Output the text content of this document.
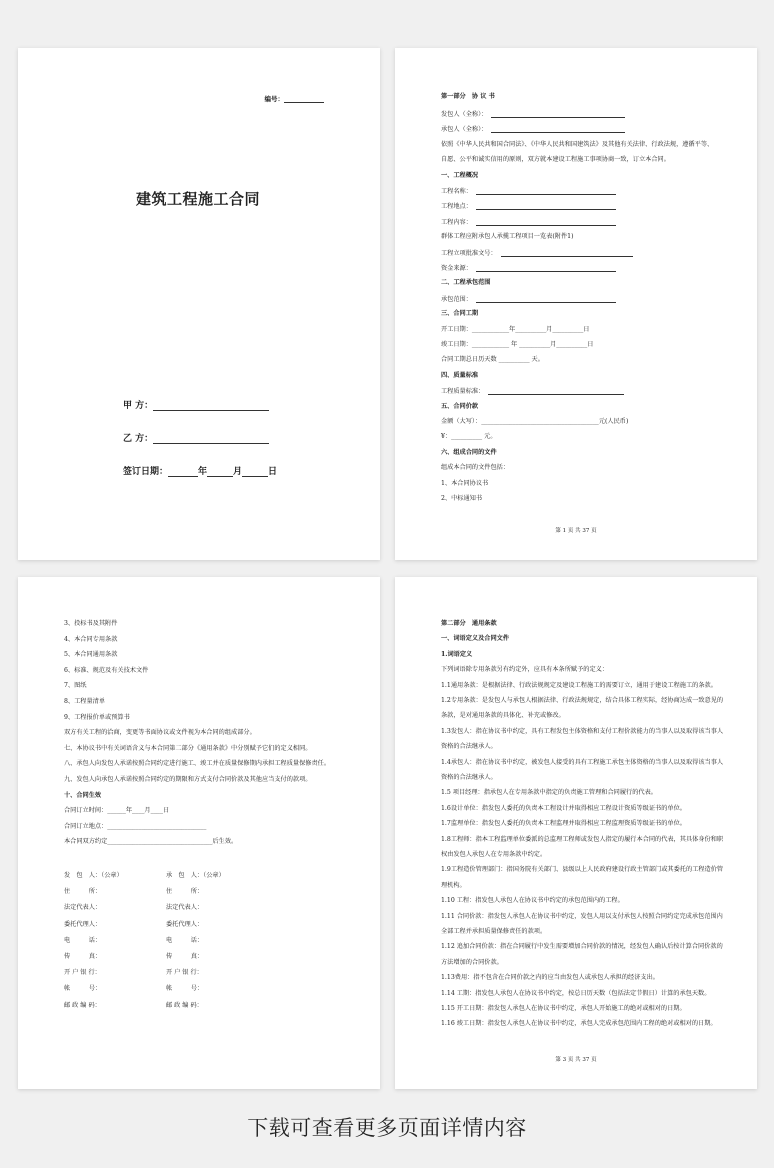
编号：
建筑工程施工合同
甲 方：
乙 方：
签订日期：	年	月	日
第一部分　协 议 书
发包人（全称）：
承包人（全称）：
依照《中华人民共和国合同法》、《中华人民共和国建筑法》及其他有关法律、行政法规，遵循平等、
自愿、公平和诚实信用的原则，双方就本建设工程施工事项协商一致，订立本合同。
一、工程概况
工程名称：
工程地点：
工程内容：
群体工程应附承包人承揽工程项目一览表(附件1)
工程立项批准文号：
资金来源：
二、工程承包范围
承包范围：
三、合同工期
开工日期：____________年__________月__________日
竣工日期：____________ 年 __________月__________日
合同工期总日历天数 __________ 天。
四、质量标准
工程质量标准：
五、合同价款
金额（大写）：______________________________________元(人民币)
¥：__________ 元。
六、组成合同的文件
组成本合同的文件包括：
1、本合同协议书
2、中标通知书
第 1 页 共 37 页
3、投标书及其附件
4、本合同专用条款
5、本合同通用条款
6、标准、规范及有关技术文件
7、图纸
8、工程量清单
9、工程报价单或预算书
双方有关工程的洽商，变更等书面协议或文件视为本合同的组成部分。
七、本协议书中有关词语含义与本合同第二部分《通用条款》中分别赋予它们的定义相同。
八、承包人向发包人承诺按照合同约定进行施工、竣工并在质量保修期内承担工程质量保修责任。
九、发包人向承包人承诺按照合同约定的期限和方式支付合同价款及其他应当支付的款项。
十、合同生效
合同订立时间：______年____月____日
合同订立地点：________________________________
本合同双方约定__________________________________后生效。
发　包　人：（公章）	承　包　人：（公章）
住　　　所：	住　　　所：
法定代表人：	法定代表人：
委托代理人：	委托代理人：
电　　　话：	电　　　话：
传　　　真：	传　　　真：
开 户 银 行：	开 户 银 行：
帐　　　号：	帐　　　号：
邮 政 编 码：	邮 政 编 码：
第二部分　通用条款
一、词语定义及合同文件
1.词语定义
下列词语除专用条款另有约定外，应具有本条所赋予的定义：
1.1通用条款：是根据法律、行政法规规定及建设工程施工的需要订立，通用于建设工程施工的条款。
1.2专用条款：是发包人与承包人根据法律、行政法规规定，结合具体工程实际，经协商达成一致意见的
条款，是对通用条款的具体化、补充或修改。
1.3发包人：指在协议书中约定，具有工程发包主体资格和支付工程价款能力的当事人以及取得该当事人
资格的合法继承人。
1.4承包人：指在协议书中约定，被发包人接受的具有工程施工承包主体资格的当事人以及取得该当事人
资格的合法继承人。
1.5 项目经理：指承包人在专用条款中指定的负责施工管理和合同履行的代表。
1.6设计单位：指发包人委托的负责本工程设计并取得相应工程设计资质等级证书的单位。
1.7监理单位：指发包人委托的负责本工程监理并取得相应工程监理资质等级证书的单位。
1.8工程师：指本工程监理单位委派的总监理工程师或发包人指定的履行本合同的代表，其具体身份和职
权由发包人承包人在专用条款中约定。
1.9工程造价管理部门：指国务院有关部门、县级以上人民政府建设行政主管部门或其委托的工程造价管
理机构。
1.10 工程：指发包人承包人在协议书中约定的承包范围内的工程。
1.11 合同价款：指发包人承包人在协议书中约定，发包人用以支付承包人按照合同约定完成承包范围内
全部工程并承担质量保修责任的款项。
1.12 追加合同价款：指在合同履行中发生需要增加合同价款的情况，经发包人确认后按计算合同价款的
方法增加的合同价款。
1.13费用：指不包含在合同价款之内的应当由发包人或承包人承担的经济支出。
1.14 工期：指发包人承包人在协议书中约定，按总日历天数（包括法定节假日）计算的承包天数。
1.15 开工日期：指发包人承包人在协议书中约定，承包人开始施工的绝对或相对的日期。
1.16 竣工日期：指发包人承包人在协议书中约定，承包人完成承包范围内工程的绝对或相对的日期。
第 3 页 共 37 页
下载可查看更多页面详情内容
